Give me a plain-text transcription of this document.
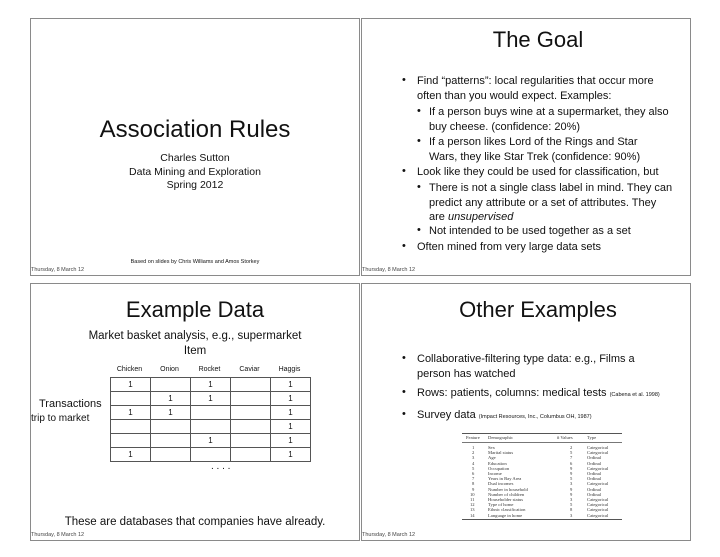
Association Rules
Charles Sutton
Data Mining and Exploration
Spring 2012
Based on slides by Chris Williams and Amos Storkey
Thursday, 8 March 12
The Goal
• Find “patterns”: local regularities that occur more
often than you would expect. Examples:
• If a person buys wine at a supermarket, they also
buy cheese. (confidence: 20%)
• If a person likes Lord of the Rings and Star
Wars, they like Star Trek (confidence: 90%)
• Look like they could be used for classification, but
• There is not a single class label in mind. They can
predict any attribute or a set of attributes. They
are unsupervised
• Not intended to be used together as a set
• Often mined from very large data sets
Thursday, 8 March 12
Example Data
Market basket analysis, e.g., supermarket
Item
Chicken	Onion	Rocket	Caviar	Haggis
1		1		1
	1	1		1
1	1			1
				1
		1		1
1				1
Transactions
trip to market
. . . .
These are databases that companies have already.
Thursday, 8 March 12
Other Examples
• Collaborative-filtering type data: e.g., Films a
person has watched
• Rows: patients, columns: medical tests (Cabena et al. 1998)
• Survey data (Impact Resources, Inc., Columbus OH, 1987)
Feature Demographic	# Values	Type
1	Sex	2	Categorical
2	Marital status	5	Categorical
3	Age	7	Ordinal
4	Education	6	Ordinal
5	Occupation	9	Categorical
6	Income	9	Ordinal
7	Years in Bay Area	5	Ordinal
8	Dual incomes	3	Categorical
9	Number in household	9	Ordinal
10	Number of children	9	Ordinal
11	Householder status	3	Categorical
12	Type of home	5	Categorical
13	Ethnic classification	8	Categorical
14	Language in home	3	Categorical
Thursday, 8 March 12
